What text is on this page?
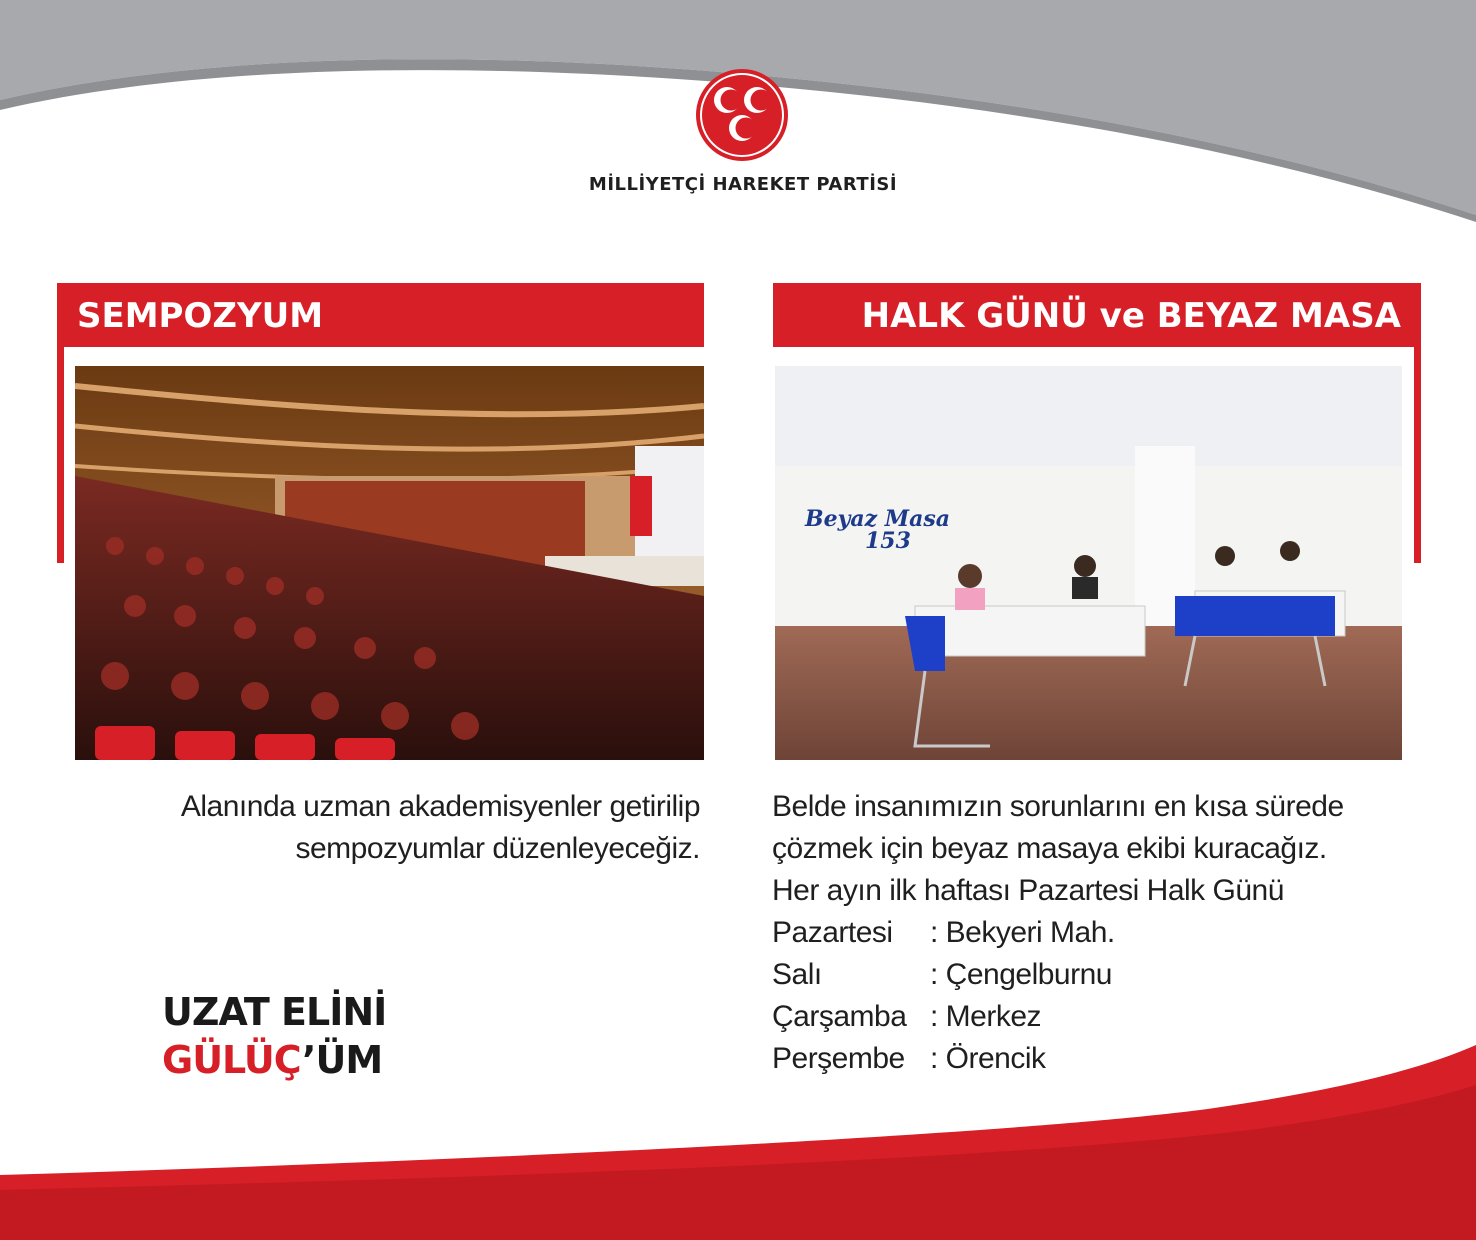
MİLLİYETÇİ HAREKET PARTİSİ
SEMPOZYUM

Alanında uzman akademisyenler getirilip

sempozyumlar düzenleyeceğiz.

HALK GÜNÜ ve BEYAZ MASA
Beyaz Masa
153

Belde insanımızın sorunlarını en kısa sürede

çözmek için beyaz masaya ekibi kuracağız.

Her ayın ilk haftası Pazartesi Halk Günü

Pazartesi	: Bekyeri Mah.
Salı	: Çengelburnu
Çarşamba : Merkez
Perşembe : Örencik
UZAT ELİNİ
GÜLÜÇ’ÜM
